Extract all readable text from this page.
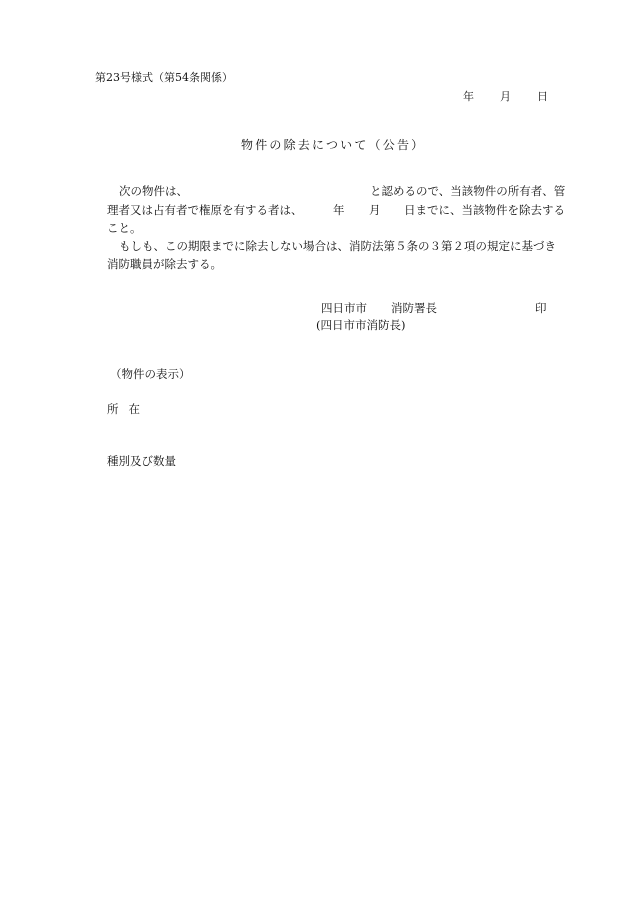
第23号様式（第54条関係）
年 月 日
物件の除去について（公告）
次の物件は、	と認めるので、当該物件の所有者、管
理者又は占有者で権原を有する者は、	年 月 日までに、当該物件を除去する
こと。
もしも、この期限までに除去しない場合は、消防法第５条の３第２項の規定に基づき
消防職員が除去する。
四日市市 消防署長	印
(四日市市消防長)
（物件の表示）
所在
種別及び数量
